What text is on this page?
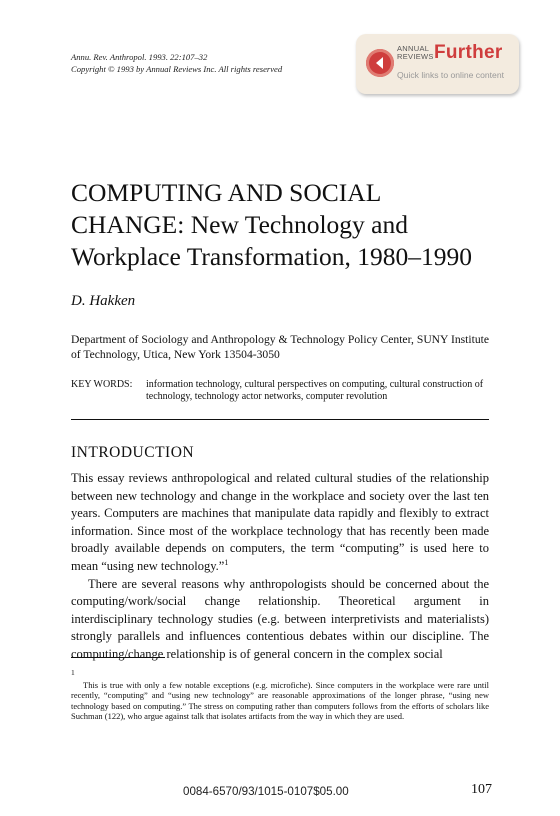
Annu. Rev. Anthropol. 1993. 22:107–32
Copyright © 1993 by Annual Reviews Inc. All rights reserved
ANNUAL
REVIEWS Further
Quick links to online content
COMPUTING AND SOCIAL
CHANGE: New Technology and
Workplace Transformation, 1980–1990
D. Hakken
Department of Sociology and Anthropology & Technology Policy Center, SUNY Institute of Technology, Utica, New York 13504-3050
KEY WORDS: information technology, cultural perspectives on computing, cultural construction of technology, technology actor networks, computer revolution
INTRODUCTION

This essay reviews anthropological and related cultural studies of the relationship between new technology and change in the workplace and society over the last ten years. Computers are machines that manipulate data rapidly and flexibly to extract information. Since most of the workplace technology that has recently been made broadly available depends on computers, the term “computing” is used here to mean “using new technology.”$^1$

There are several reasons why anthropologists should be concerned about the computing/work/social change relationship. Theoretical argument in interdisciplinary technology studies (e.g. between interpretivists and materialists) strongly parallels and influences contentious debates within our discipline. The computing/change relationship is of general concern in the complex social

1
This is true with only a few notable exceptions (e.g. microfiche). Since computers in the workplace were rare until recently, “computing” and “using new technology” are reasonable approximations of the longer phrase, “using new technology based on computing.” The stress on computing rather than computers follows from the efforts of scholars like Suchman (122), who argue against talk that isolates artifacts from the way in which they are used.
0084-6570/93/1015-0107$05.00	107
